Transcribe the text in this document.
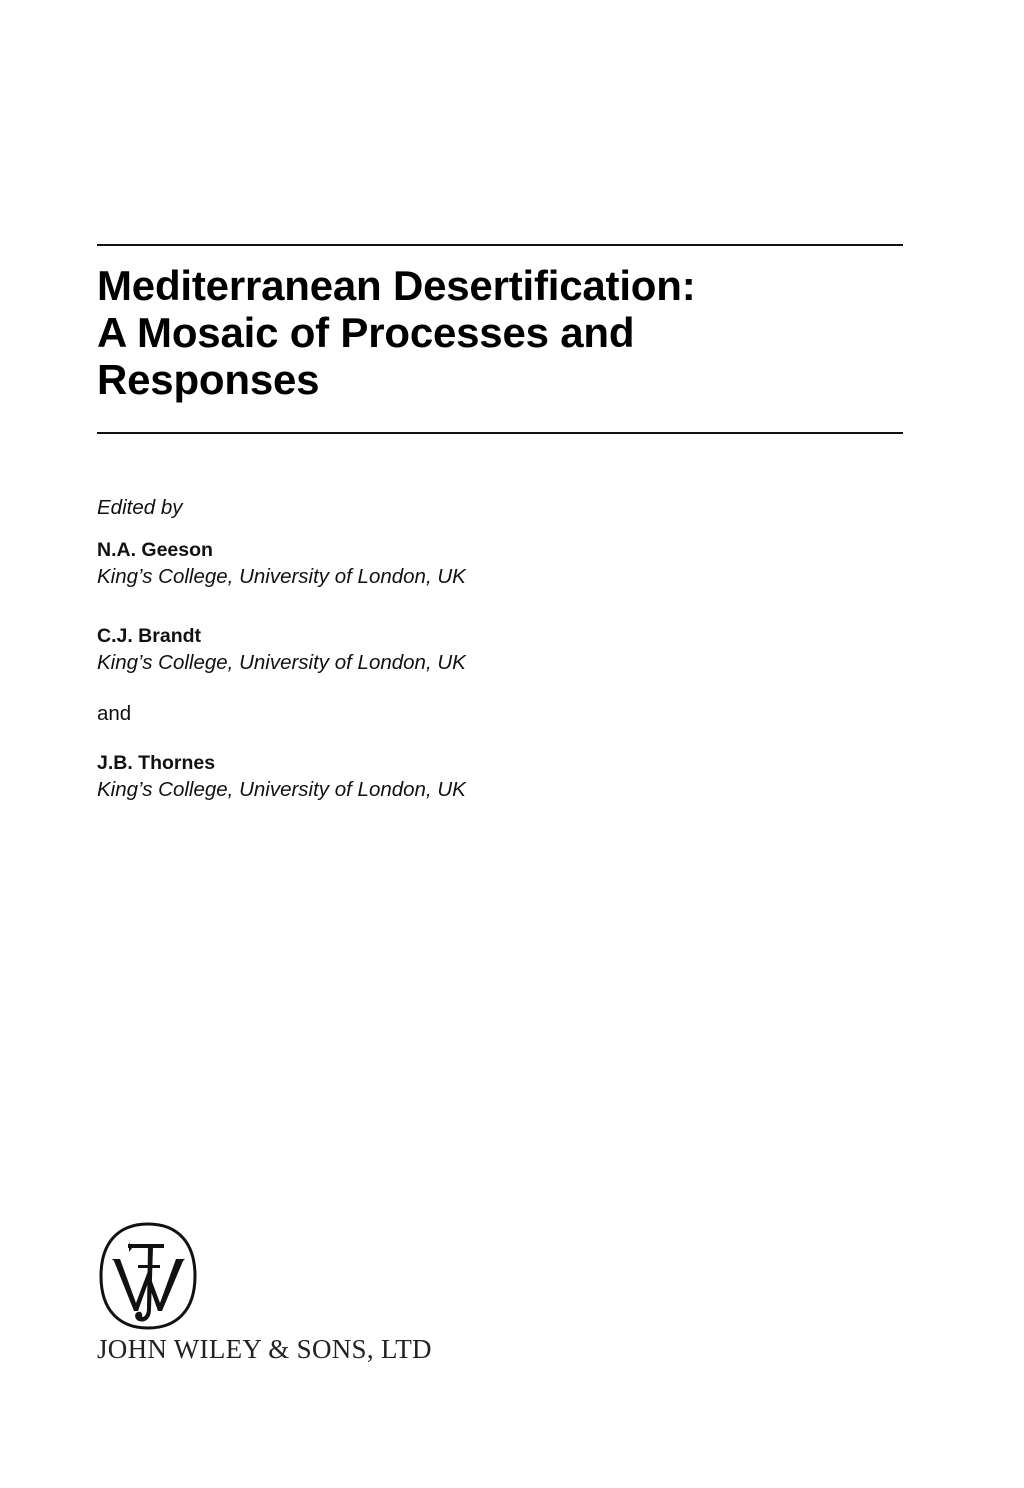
Mediterranean Desertification:
A Mosaic of Processes and
Responses
Edited by
N.A. Geeson
King’s College, University of London, UK
C.J. Brandt
King’s College, University of London, UK
and
J.B. Thornes
King’s College, University of London, UK
JOHN WILEY & SONS, LTD
